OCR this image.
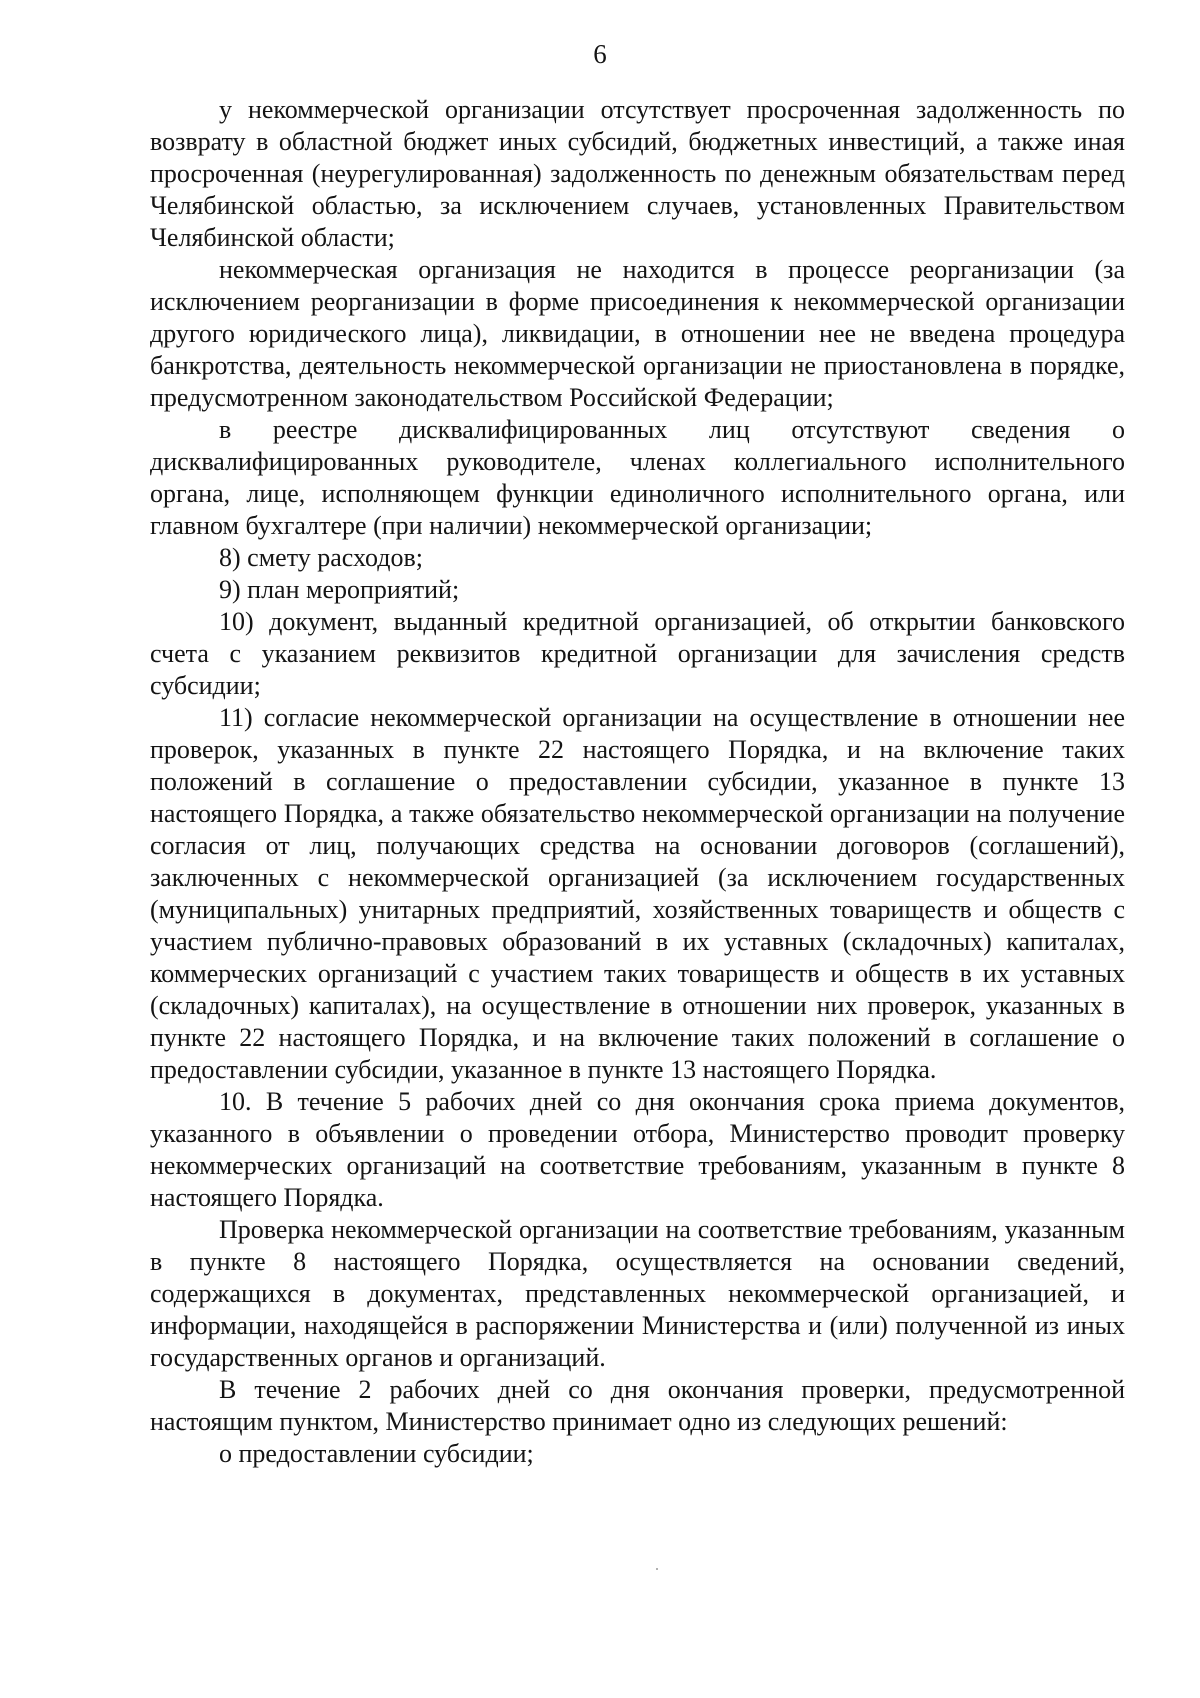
6

у некоммерческой организации отсутствует просроченная задолженность по возврату в областной бюджет иных субсидий, бюджетных инвестиций, а также иная просроченная (неурегулированная) задолженность по денежным обязательствам перед Челябинской областью, за исключением случаев, установленных Правительством Челябинской области;

некоммерческая организация не находится в процессе реорганизации (за исключением реорганизации в форме присоединения к некоммерческой организации другого юридического лица), ликвидации, в отношении нее не введена процедура банкротства, деятельность некоммерческой организации не приостановлена в порядке, предусмотренном законодательством Российской Федерации;

в реестре дисквалифицированных лиц отсутствуют сведения о дисквалифицированных руководителе, членах коллегиального исполнительного органа, лице, исполняющем функции единоличного исполнительного органа, или главном бухгалтере (при наличии) некоммерческой организации;

8) смету расходов;

9) план мероприятий;

10) документ, выданный кредитной организацией, об открытии банковского счета с указанием реквизитов кредитной организации для зачисления средств субсидии;

11) согласие некоммерческой организации на осуществление в отношении нее проверок, указанных в пункте 22 настоящего Порядка, и на включение таких положений в соглашение о предоставлении субсидии, указанное в пункте 13 настоящего Порядка, а также обязательство некоммерческой организации на получение согласия от лиц, получающих средства на основании договоров (соглашений), заключенных с некоммерческой организацией (за исключением государственных (муниципальных) унитарных предприятий, хозяйственных товариществ и обществ с участием публично-правовых образований в их уставных (складочных) капиталах, коммерческих организаций с участием таких товариществ и обществ в их уставных (складочных) капиталах), на осуществление в отношении них проверок, указанных в пункте 22 настоящего Порядка, и на включение таких положений в соглашение о предоставлении субсидии, указанное в пункте 13 настоящего Порядка.

10. В течение 5 рабочих дней со дня окончания срока приема документов, указанного в объявлении о проведении отбора, Министерство проводит проверку некоммерческих организаций на соответствие требованиям, указанным в пункте 8 настоящего Порядка.

Проверка некоммерческой организации на соответствие требованиям, указанным в пункте 8 настоящего Порядка, осуществляется на основании сведений, содержащихся в документах, представленных некоммерческой организацией, и информации, находящейся в распоряжении Министерства и (или) полученной из иных государственных органов и организаций.

В течение 2 рабочих дней со дня окончания проверки, предусмотренной настоящим пунктом, Министерство принимает одно из следующих решений:

о предоставлении субсидии;
